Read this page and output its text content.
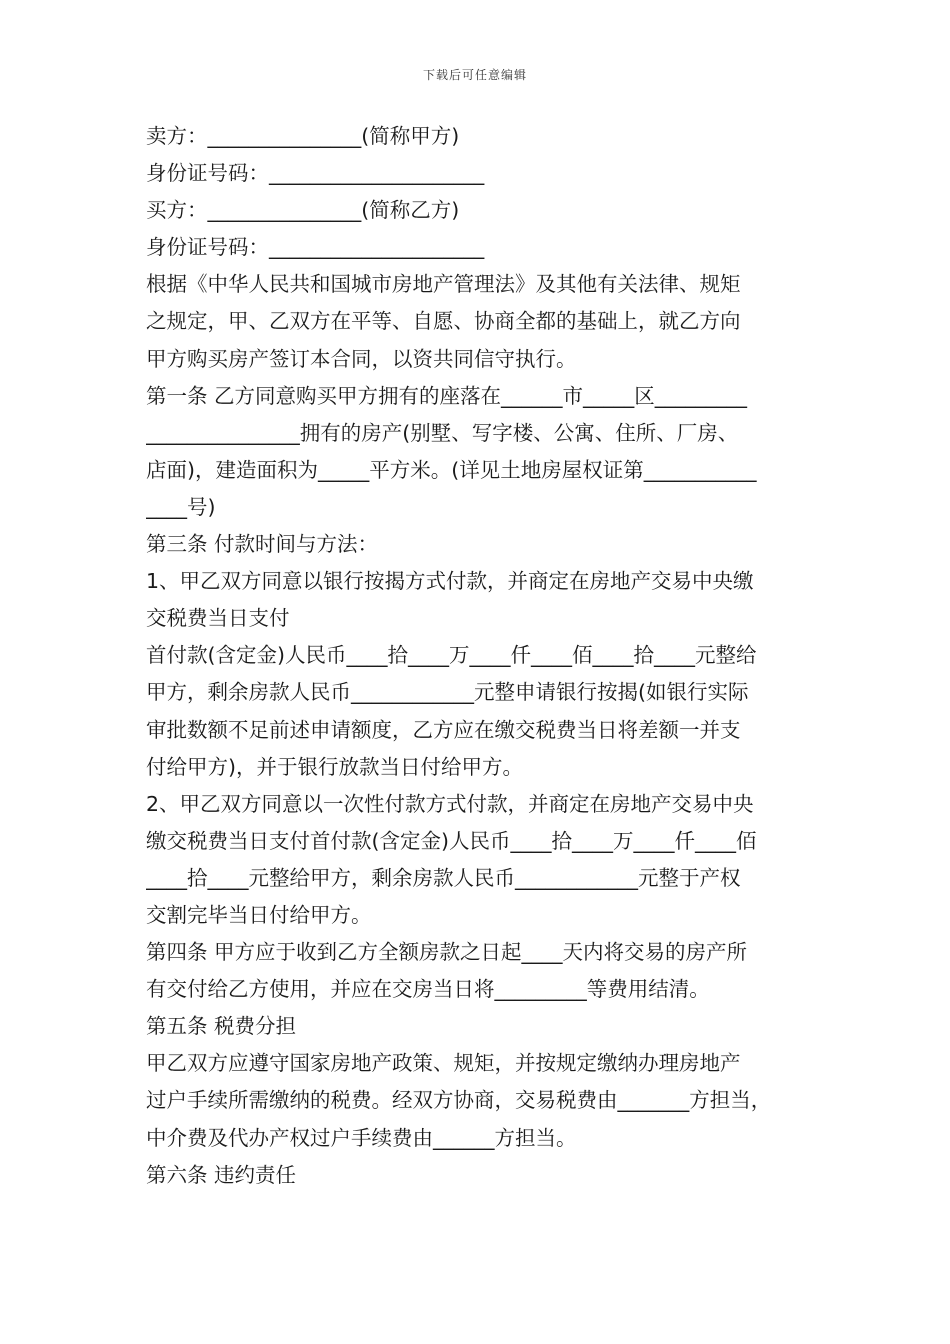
下载后可任意编辑
卖方：_______________(简称甲方)
身份证号码：_____________________
买方：_______________(简称乙方)
身份证号码：_____________________
根据《中华人民共和国城市房地产管理法》及其他有关法律、规矩
之规定，甲、乙双方在平等、自愿、协商全都的基础上，就乙方向
甲方购买房产签订本合同，以资共同信守执行。
第一条 乙方同意购买甲方拥有的座落在______市_____区_________
_______________拥有的房产(别墅、写字楼、公寓、住所、厂房、
店面)，建造面积为_____平方米。(详见土地房屋权证第___________
____号)
第三条 付款时间与方法：
1、甲乙双方同意以银行按揭方式付款，并商定在房地产交易中央缴
交税费当日支付
首付款(含定金)人民币____拾____万____仟____佰____拾____元整给
甲方，剩余房款人民币____________元整申请银行按揭(如银行实际
审批数额不足前述申请额度，乙方应在缴交税费当日将差额一并支
付给甲方)，并于银行放款当日付给甲方。
2、甲乙双方同意以一次性付款方式付款，并商定在房地产交易中央
缴交税费当日支付首付款(含定金)人民币____拾____万____仟____佰
____拾____元整给甲方，剩余房款人民币____________元整于产权
交割完毕当日付给甲方。
第四条 甲方应于收到乙方全额房款之日起____天内将交易的房产所
有交付给乙方使用，并应在交房当日将_________等费用结清。
第五条 税费分担
甲乙双方应遵守国家房地产政策、规矩，并按规定缴纳办理房地产
过户手续所需缴纳的税费。经双方协商，交易税费由_______方担当，
中介费及代办产权过户手续费由______方担当。
第六条 违约责任
